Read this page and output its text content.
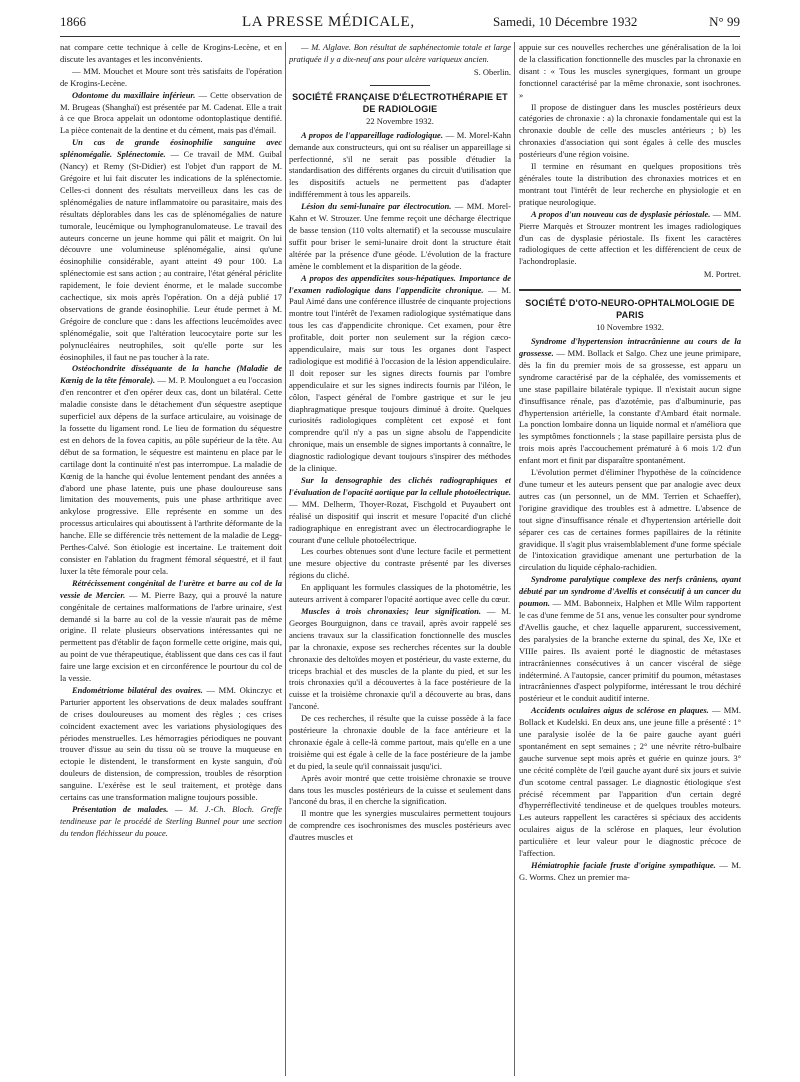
1866	LA PRESSE MÉDICALE,	Samedi, 10 Décembre 1932	N° 99

nat compare cette technique à celle de Krogins-Lecène, et en discute les avantages et les inconvénients.

— MM. Mouchet et Moure sont très satisfaits de l'opération de Krogins-Lecène.

Odontome du maxillaire inférieur. — Cette observation de M. Brugeas (Shanghaï) est présentée par M. Cadenat. Elle a trait à ce que Broca appelait un odontome odontoplastique dentifié. La pièce contenait de la dentine et du cément, mais pas d'émail.

Un cas de grande éosinophilie sanguine avec splénomégalie. Splénectomie. — Ce travail de MM. Guibal (Nancy) et Remy (St-Didier) est l'objet d'un rapport de M. Grégoire et lui fait discuter les indications de la splénectomie. Celles-ci donnent des résultats merveilleux dans les cas de splénomégalies de nature inflammatoire ou parasitaire, mais des résultats déplorables dans les cas de splénomégalies de nature tumorale, leucémique ou lymphogranulomateuse. Le travail des auteurs concerne un jeune homme qui pâlit et maigrit. On lui découvre une volumineuse splénomégalie, ainsi qu'une éosinophilie considérable, ayant atteint 49 pour 100. La splénectomie est sans action ; au contraire, l'état général périclite rapidement, le foie devient énorme, et le malade succombe cachectique, six mois après l'opération. On a déjà publié 17 observations de grande éosinophilie. Leur étude permet à M. Grégoire de conclure que : dans les affections leucémoïdes avec splénomégalie, soit que l'altération leucocytaire porte sur les polynucléaires neutrophiles, soit qu'elle porte sur les éosinophiles, il faut ne pas toucher à la rate.

Ostéochondrite disséquante de la hanche (Maladie de Kœnig de la tête fémorale). — M. P. Moulonguet a eu l'occasion d'en rencontrer et d'en opérer deux cas, dont un bilatéral. Cette maladie consiste dans le détachement d'un séquestre aseptique superficiel aux dépens de la surface articulaire, au voisinage de la fossette du ligament rond. Le lieu de formation du séquestre est en dehors de la fovea capitis, au pôle supérieur de la tête. Au début de sa formation, le séquestre est maintenu en place par le cartilage dont la continuité n'est pas interrompue. La maladie de Kœnig de la hanche qui évolue lentement pendant des années a d'abord une phase latente, puis une phase douloureuse sans limitation des mouvements, puis une phase arthritique avec ankylose progressive. Elle représente en somme un des processus articulaires qui aboutissent à l'arthrite déformante de la hanche. Elle se différencie très nettement de la maladie de Legg-Perthes-Calvé. Son étiologie est incertaine. Le traitement doit consister en l'ablation du fragment fémoral séquestré, et il faut luxer la tête fémorale pour cela.

Rétrécissement congénital de l'urètre et barre au col de la vessie de Mercier. — M. Pierre Bazy, qui a prouvé la nature congénitale de certaines malformations de l'arbre urinaire, s'est demandé si la barre au col de la vessie n'aurait pas de même origine. Il relate plusieurs observations intéressantes qui ne permettent pas d'établir de façon formelle cette origine, mais qui, au point de vue thérapeutique, établissent que dans ces cas il faut faire une large excision et en circonférence le pourtour du col de la vessie.

Endométriome bilatéral des ovaires. — MM. Okinczyc et Parturier apportent les observations de deux malades souffrant de crises douloureuses au moment des règles ; ces crises coïncident exactement avec les variations physiologiques des périodes menstruelles. Les hémorragies périodiques ne pouvant trouver d'issue au sein du tissu où se trouve la muqueuse en ectopie le distendent, le transforment en kyste sanguin, d'où douleurs de distension, de compression, troubles de résorption sanguine. L'exérèse est le seul traitement, et protège dans certains cas une transformation maligne toujours possible.

Présentation de malades. — M. J.-Ch. Bloch. Greffe tendineuse par le procédé de Sterling Bunnel pour une section du tendon fléchisseur du pouce.

— M. Alglave. Bon résultat de saphénectomie totale et large pratiquée il y a dix-neuf ans pour ulcère variqueux ancien.

S. Oberlin.

SOCIÉTÉ FRANÇAISE D'ÉLECTROTHÉRAPIE ET DE RADIOLOGIE
22 Novembre 1932.

A propos de l'appareillage radiologique. — M. Morel-Kahn demande aux constructeurs, qui ont su réaliser un appareillage si perfectionné, s'il ne serait pas possible d'étudier la standardisation des différents organes du circuit d'utilisation que les dispositifs actuels ne permettent pas d'adapter indifféremment à tous les appareils.

Lésion du semi-lunaire par électrocution. — MM. Morel-Kahn et W. Strouzer. Une femme reçoit une décharge électrique de basse tension (110 volts alternatif) et la secousse musculaire suffit pour briser le semi-lunaire droit dont la structure était altérée par la présence d'une géode. L'évolution de la fracture amène le comblement et la disparition de la géode.

A propos des appendicites sous-hépatiques. Importance de l'examen radiologique dans l'appendicite chronique. — M. Paul Aimé dans une conférence illustrée de cinquante projections montre tout l'intérêt de l'examen radiologique systématique dans tous les cas d'appendicite chronique. Cet examen, pour être profitable, doit porter non seulement sur la région cæco-appendiculaire, mais sur tous les organes dont l'aspect radiologique est modifié à l'occasion de la lésion appendiculaire. Il doit reposer sur les signes directs fournis par l'ombre appendiculaire et sur les signes indirects fournis par l'iléon, le côlon, l'aspect général de l'ombre gastrique et sur le jeu diaphragmatique presque toujours diminué à droite. Quelques curiosités radiologiques complètent cet exposé et font comprendre qu'il n'y a pas un signe absolu de l'appendicite chronique, mais un ensemble de signes importants à connaître, le diagnostic radiologique devant toujours s'inspirer des méthodes de la clinique.

Sur la densographie des clichés radiographiques et l'évaluation de l'opacité aortique par la cellule photoélectrique. — MM. Delherm, Thoyer-Rozat, Fischgold et Puyaubert ont réalisé un dispositif qui inscrit et mesure l'opacité d'un cliché radiographique en enregistrant avec un électrocardiographe le courant d'une cellule photoélectrique.

Les courbes obtenues sont d'une lecture facile et permettent une mesure objective du contraste présenté par les diverses régions du cliché.

En appliquant les formules classiques de la photométrie, les auteurs arrivent à comparer l'opacité aortique avec celle du cœur.

Muscles à trois chronaxies; leur signification. — M. Georges Bourguignon, dans ce travail, après avoir rappelé ses anciens travaux sur la classification fonctionnelle des muscles par la chronaxie, expose ses recherches récentes sur la double chronaxie des deltoïdes moyen et postérieur, du vaste externe, du triceps brachial et des muscles de la plante du pied, et sur les trois chronaxies qu'il a découvertes à la face postérieure de la cuisse et la troisième chronaxie qu'il a découverte au bras, dans l'anconé.

De ces recherches, il résulte que la cuisse possède à la face postérieure la chronaxie double de la face antérieure et la chronaxie égale à celle-là comme partout, mais qu'elle en a une troisième qui est égale à celle de la face postérieure de la jambe et du pied, la seule qu'il connaissait jusqu'ici.

Après avoir montré que cette troisième chronaxie se trouve dans tous les muscles postérieurs de la cuisse et seulement dans l'anconé du bras, il en cherche la signification.

Il montre que les synergies musculaires permettent toujours de comprendre ces isochronismes des muscles postérieurs avec d'autres muscles et

appuie sur ces nouvelles recherches une généralisation de la loi de la classification fonctionnelle des muscles par la chronaxie en disant : « Tous les muscles synergiques, formant un groupe fonctionnel caractérisé par la même chronaxie, sont isochrones. »

Il propose de distinguer dans les muscles postérieurs deux catégories de chronaxie : a) la chronaxie fondamentale qui est la chronaxie double de celle des muscles antérieurs ; b) les chronaxies d'association qui sont égales à celle des muscles postérieurs d'une région voisine.

Il termine en résumant en quelques propositions très générales toute la distribution des chronaxies motrices et en montrant tout l'intérêt de leur recherche en physiologie et en pratique neurologique.

A propos d'un nouveau cas de dysplasie périostale. — MM. Pierre Marquès et Strouzer montrent les images radiologiques d'un cas de dysplasie périostale. Ils fixent les caractères radiologiques de cette affection et les différencient de ceux de l'achondroplasie.

M. Portret.

SOCIÉTÉ D'OTO-NEURO-OPHTALMOLOGIE DE PARIS
10 Novembre 1932.

Syndrome d'hypertension intracrânienne au cours de la grossesse. — MM. Bollack et Salgo. Chez une jeune primipare, dès la fin du premier mois de sa grossesse, est apparu un syndrome caractérisé par de la céphalée, des vomissements et une stase papillaire bilatérale typique. Il n'existait aucun signe d'insuffisance rénale, pas d'azotémie, pas d'albuminurie, pas d'hypertension artérielle, la constante d'Ambard était normale. La ponction lombaire donna un liquide normal et n'améliora que les symptômes fonctionnels ; la stase papillaire persista plus de trois mois après l'accouchement prématuré à 6 mois 1/2 d'un enfant mort et finit par disparaître spontanément.

L'évolution permet d'éliminer l'hypothèse de la coïncidence d'une tumeur et les auteurs pensent que par analogie avec deux autres cas (un personnel, un de MM. Terrien et Schaeffer), l'origine gravidique des troubles est à admettre. L'absence de tout signe d'insuffisance rénale et d'hypertension artérielle doit séparer ces cas de certaines formes papillaires de la rétinite gravidique. Il s'agit plus vraisemblablement d'une forme spéciale de l'intoxication gravidique amenant une perturbation de la circulation du liquide céphalo-rachidien.

Syndrome paralytique complexe des nerfs crâniens, ayant débuté par un syndrome d'Avellis et consécutif à un cancer du poumon. — MM. Babonneix, Halphen et Mlle Wilm rapportent le cas d'une femme de 51 ans, venue les consulter pour syndrome d'Avellis gauche, et chez laquelle apparurent, successivement, des paralysies de la branche externe du spinal, des Xe, IXe et VIIIe paires. Ils avaient porté le diagnostic de métastases intracrâniennes consécutives à un cancer viscéral de siège indéterminé. A l'autopsie, cancer primitif du poumon, métastases intracrâniennes d'aspect polypiforme, intéressant le trou déchiré postérieur et le conduit auditif interne.

Accidents oculaires aigus de sclérose en plaques. — MM. Bollack et Kudelski. En deux ans, une jeune fille a présenté : 1° une paralysie isolée de la 6e paire gauche ayant guéri spontanément en sept semaines ; 2° une névrite rétro-bulbaire gauche survenue sept mois après et guérie en quinze jours. 3° une cécité complète de l'œil gauche ayant duré six jours et suivie d'un scotome central passager. Le diagnostic étiologique s'est précisé récemment par l'apparition d'un certain degré d'hyperréflectivité tendineuse et de quelques troubles moteurs. Les auteurs rappellent les caractères si spéciaux des accidents oculaires aigus de la sclérose en plaques, leur évolution particulière et leur valeur pour le diagnostic précoce de l'affection.

Hémiatrophie faciale fruste d'origine sympathique. — M. G. Worms. Chez un premier ma-
